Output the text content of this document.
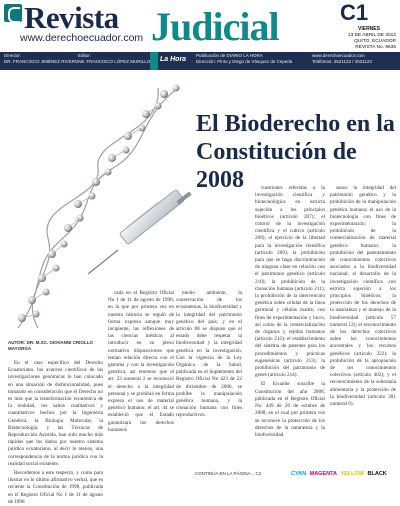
Revista Judicial
www.derechoecuador.com
C1
VIERNES
13 DE ABRIL DE 2012
QUITO, ECUADOR
REVISTA No. 9635
Director:
DR. FRANCISCO JIMÉNEZ RIVERO
Editor:
AB. FRANCISCO LÓPEZ MURILLO La Hora
Publicación de DIARIO LA HORA
Dirección: Pinto y Diego de Vásquez de Cepeda
www.derechoecuador.com
Teléfonos: 2521122 / 2521123
AUTOR: DR. M.SC. GIOVANNI CRIOLLO MAYORGA
El Bioderecho en la Constitución de 2008

En el caso específico del Derecho Ecuatoriano, los avances científicos de las investigaciones genómicas lo han colocado en una situación de disfuncionalidad, pues tomando en consideración que el Derecho no es más que la transformación económica de la realidad, los saltos cualitativos y cuantitativos hechos por la Ingeniería Genética, la Biología Molecular, la Biotecnología, y las Técnicas de Reproducción Asistida, han sido mucho más rápidos que los dados por nuestro sistema jurídico ecuatoriano, al decir lo menos, una correspondencia de la norma jurídica con la realidad social existente.

Recordemos a este respecto, y como para ilustrar en lo último afirmativo verbal, que es reciente la Constitución de 1998, publicada en el Registro Oficial No 1 de 11 de agosto de 1998

cada en el Registro Oficial No 1 de 11 de agosto de 1998, en la que por primera vez en nuestra historia se reguló de forma expresa aunque muy incipiente, las reflexiones de las ciencias médicas al introducir en su plexo normativo disposiciones que tenían relación directa con el genoma y con la investigación genética, así tenemos que el art. 23 numeral 2 se reconoció el derecho a la integridad personal y se prohibió en forma expresa el uso de material genético humano; el art. 44 se estableció que el Estado garantizará los derechos humanos

medio ambiente, la conservación de los ecosistemas, la biodiversidad y la integridad del patrimonio genético del país; y en el artículo 88 se dispuso que el estado debe respetar la biodiversidad y la integridad genética en la investigación. Con la vigencia de la Ley Orgánica de la Salud, publicada en el Suplemento del Registro Oficial No 423 de 22 de diciembre de 2006, se prohíbe la manipulación genética humana, y la clonación humana con fines reproductivos.

cuestiones referidas a la investigación científica y biotecnológica en estricta sujeción a los principios bioéticos (artículo 207); el control de la investigación científica y el cultivo (artículo 208); el ejercicio de la libertad para la investigación científica (artículo 209); la prohibición para que se haga discriminación de ninguna clase en relación con el patrimonio genético (artículo 210); la prohibición de la clonación humana (artículo 211); la prohibición de la intervención genética sobre células de la línea germinal y células madre, con fines de experimentación y lucro, así como de la comercialización de órganos y tejidos humanos (artículo 212); el establecimiento del sistema de patentes para los procedimientos y prácticas eugenésicas (artículo 213); la prohibición del patrimonio de genes (artículo 214).

El Ecuador suscribe la Constitución del año 2008, publicada en el Registro Oficial No. 449 de 20 de octubre de 2008, en el cual por primera vez se reconoce la protección de los derechos de la naturaleza y la biodiversidad.

sanos la integridad del patrimonio genético y la prohibición de la manipulación genética humana; el uso de la biotecnología con fines de experimentación; la prohibición de la comercialización de material genético humano; la prohibición del patentamiento de conocimientos colectivos asociados a la biodiversidad nacional; el desarrollo de la investigación científica con estricta sujeción a los principios bioéticos; la protección de los derechos de la naturaleza y el manejo de la biodiversidad (artículo 57 numeral 12); el reconocimiento de los derechos colectivos sobre los conocimientos ancestrales y los recursos genéticos (artículo 322); la prohibición de la apropiación de los conocimientos colectivos (artículo 402); y el reconocimiento de la soberanía alimentaria y la protección de la biodiversidad (artículo 281 numeral 6).

CONTINÚA EN LA PÁGINA... C2	CYAN MAGENTA YELLOW BLACK
